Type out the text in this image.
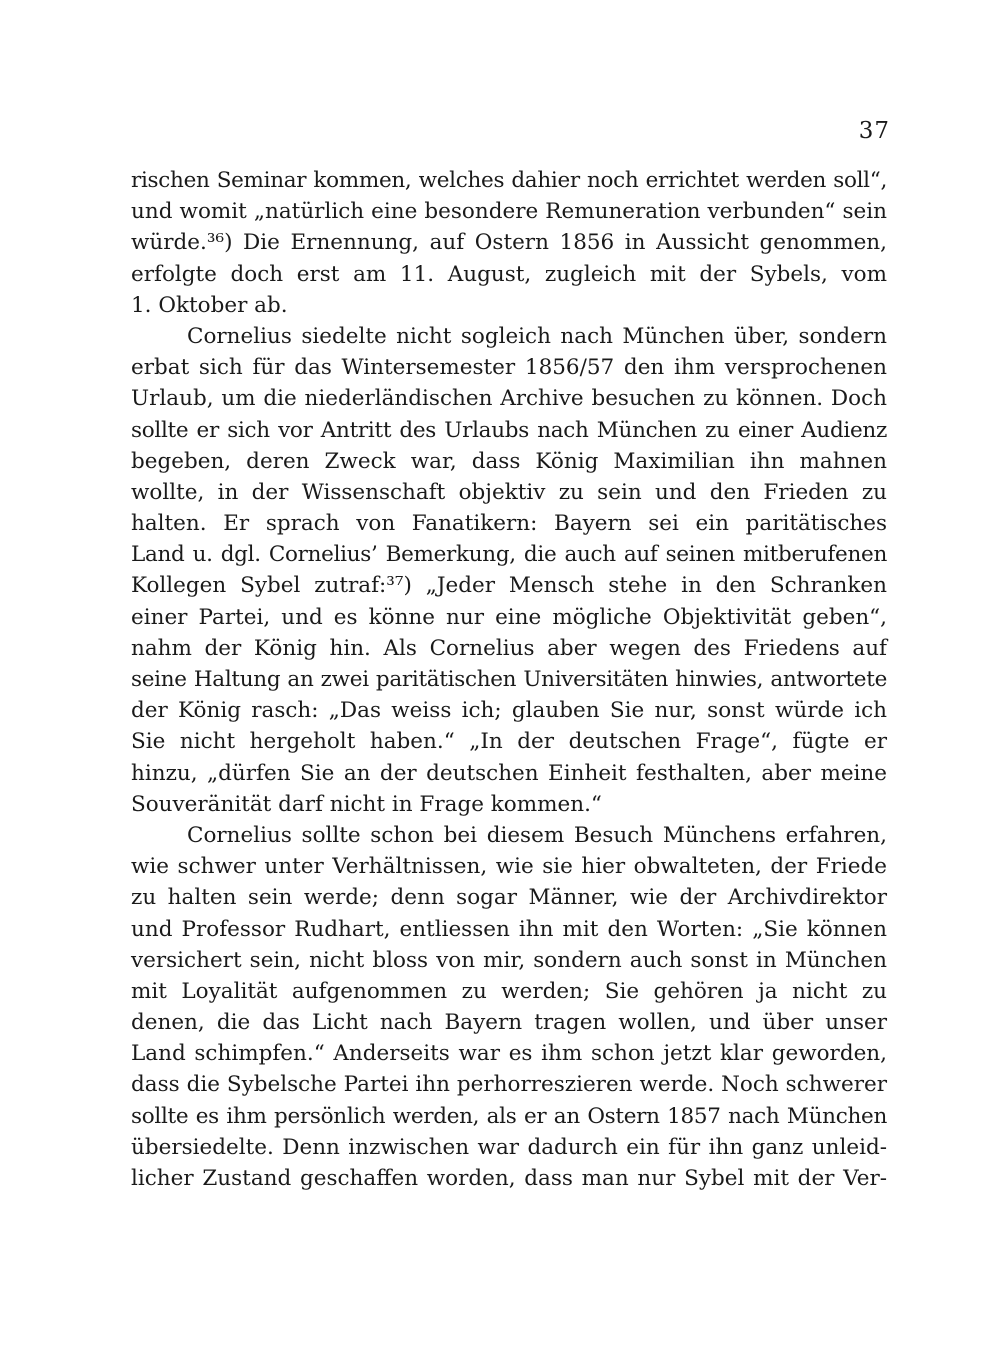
37
rischen Seminar kommen, welches dahier noch errichtet werden soll“,
und womit „natürlich eine besondere Remuneration verbunden“ sein
würde.³⁶) Die Ernennung, auf Ostern 1856 in Aussicht genommen,
erfolgte doch erst am 11. August, zugleich mit der Sybels, vom
1. Oktober ab.
Cornelius siedelte nicht sogleich nach München über, sondern
erbat sich für das Wintersemester 1856/57 den ihm versprochenen
Urlaub, um die niederländischen Archive besuchen zu können. Doch
sollte er sich vor Antritt des Urlaubs nach München zu einer Audienz
begeben, deren Zweck war, dass König Maximilian ihn mahnen
wollte, in der Wissenschaft objektiv zu sein und den Frieden zu
halten. Er sprach von Fanatikern: Bayern sei ein paritätisches
Land u. dgl. Cornelius’ Bemerkung, die auch auf seinen mitberufenen
Kollegen Sybel zutraf:³⁷) „Jeder Mensch stehe in den Schranken
einer Partei, und es könne nur eine mögliche Objektivität geben“,
nahm der König hin. Als Cornelius aber wegen des Friedens auf
seine Haltung an zwei paritätischen Universitäten hinwies, antwortete
der König rasch: „Das weiss ich; glauben Sie nur, sonst würde ich
Sie nicht hergeholt haben.“ „In der deutschen Frage“, fügte er
hinzu, „dürfen Sie an der deutschen Einheit festhalten, aber meine
Souveränität darf nicht in Frage kommen.“
Cornelius sollte schon bei diesem Besuch Münchens erfahren,
wie schwer unter Verhältnissen, wie sie hier obwalteten, der Friede
zu halten sein werde; denn sogar Männer, wie der Archivdirektor
und Professor Rudhart, entliessen ihn mit den Worten: „Sie können
versichert sein, nicht bloss von mir, sondern auch sonst in München
mit Loyalität aufgenommen zu werden; Sie gehören ja nicht zu
denen, die das Licht nach Bayern tragen wollen, und über unser
Land schimpfen.“ Anderseits war es ihm schon jetzt klar geworden,
dass die Sybelsche Partei ihn perhorreszieren werde. Noch schwerer
sollte es ihm persönlich werden, als er an Ostern 1857 nach München
übersiedelte. Denn inzwischen war dadurch ein für ihn ganz unleid-
licher Zustand geschaffen worden, dass man nur Sybel mit der Ver-
